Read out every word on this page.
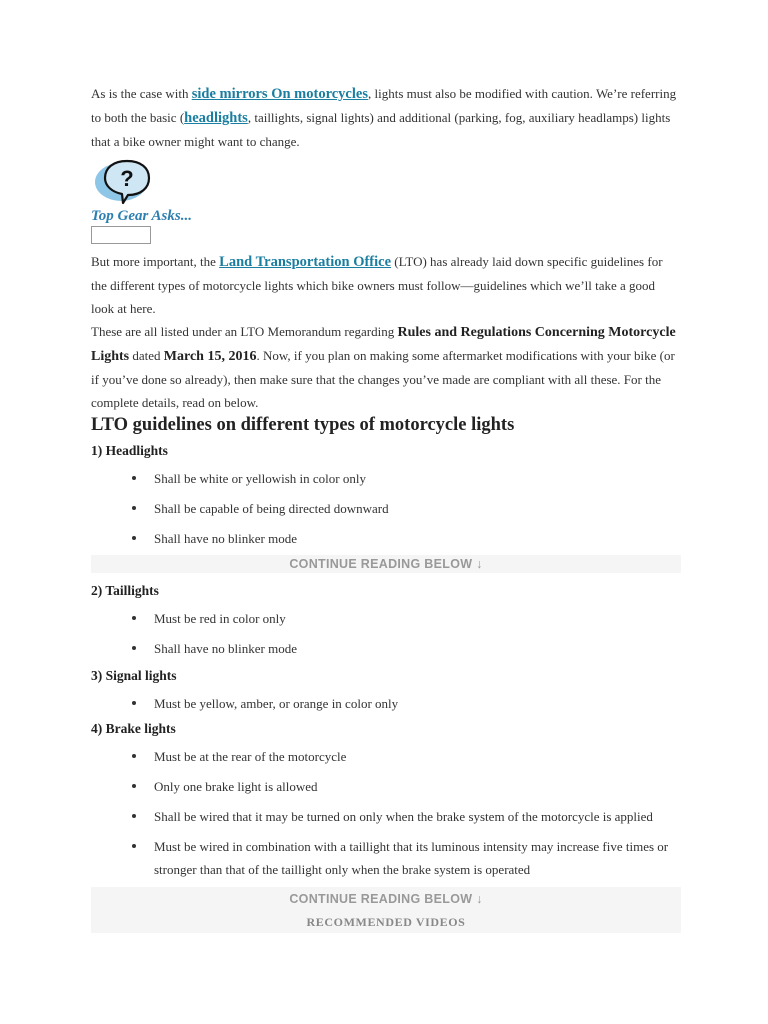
As is the case with side mirrors On motorcycles, lights must also be modified with caution. We’re referring to both the basic (headlights, taillights, signal lights) and additional (parking, fog, auxiliary headlamps) lights that a bike owner might want to change.

?
Top Gear Asks...

But more important, the Land Transportation Office (LTO) has already laid down specific guidelines for the different types of motorcycle lights which bike owners must follow—guidelines which we’ll take a good look at here.

These are all listed under an LTO Memorandum regarding Rules and Regulations Concerning Motorcycle Lights dated March 15, 2016. Now, if you plan on making some aftermarket modifications with your bike (or if you’ve done so already), then make sure that the changes you’ve made are compliant with all these. For the complete details, read on below.

LTO guidelines on different types of motorcycle lights
1) Headlights
Shall be white or yellowish in color only
Shall be capable of being directed downward
Shall have no blinker mode
CONTINUE READING BELOW ↓
2) Taillights
Must be red in color only
Shall have no blinker mode
3) Signal lights
Must be yellow, amber, or orange in color only
4) Brake lights
Must be at the rear of the motorcycle
Only one brake light is allowed
Shall be wired that it may be turned on only when the brake system of the motorcycle is applied
Must be wired in combination with a taillight that its luminous intensity may increase five times or stronger than that of the taillight only when the brake system is operated
CONTINUE READING BELOW ↓
RECOMMENDED VIDEOS
